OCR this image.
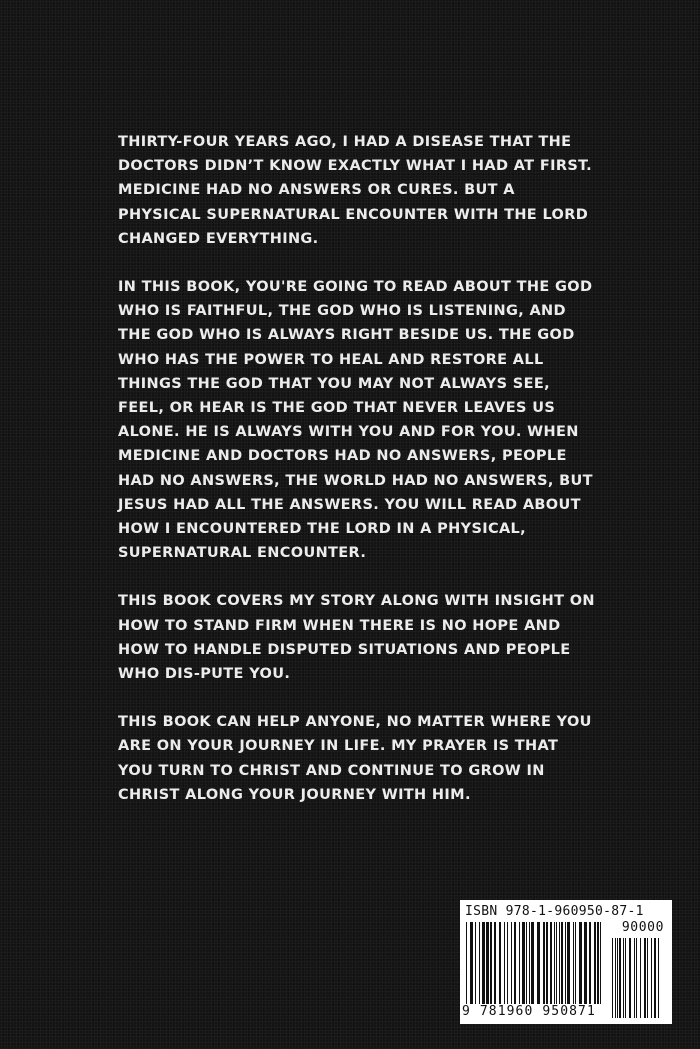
THIRTY-FOUR YEARS AGO, I HAD A DISEASE THAT THE DOCTORS DIDN’T KNOW EXACTLY WHAT I HAD AT FIRST. MEDICINE HAD NO ANSWERS OR CURES. BUT A PHYSICAL SUPERNATURAL ENCOUNTER WITH THE LORD CHANGED EVERYTHING.

IN THIS BOOK, YOU'RE GOING TO READ ABOUT THE GOD WHO IS FAITHFUL, THE GOD WHO IS LISTENING, AND THE GOD WHO IS ALWAYS RIGHT BESIDE US. THE GOD WHO HAS THE POWER TO HEAL AND RESTORE ALL THINGS THE GOD THAT YOU MAY NOT ALWAYS SEE, FEEL, OR HEAR IS THE GOD THAT NEVER LEAVES US ALONE. HE IS ALWAYS WITH YOU AND FOR YOU. WHEN MEDICINE AND DOCTORS HAD NO ANSWERS, PEOPLE HAD NO ANSWERS, THE WORLD HAD NO ANSWERS, BUT JESUS HAD ALL THE ANSWERS. YOU WILL READ ABOUT HOW I ENCOUNTERED THE LORD IN A PHYSICAL, SUPERNATURAL ENCOUNTER.

THIS BOOK COVERS MY STORY ALONG WITH INSIGHT ON HOW TO STAND FIRM WHEN THERE IS NO HOPE AND HOW TO HANDLE DISPUTED SITUATIONS AND PEOPLE WHO DIS-PUTE YOU.

THIS BOOK CAN HELP ANYONE, NO MATTER WHERE YOU ARE ON YOUR JOURNEY IN LIFE. MY PRAYER IS THAT YOU TURN TO CHRIST AND CONTINUE TO GROW IN CHRIST ALONG YOUR JOURNEY WITH HIM.

ISBN 978-1-960950-87-1
90000
9 781960 950871
